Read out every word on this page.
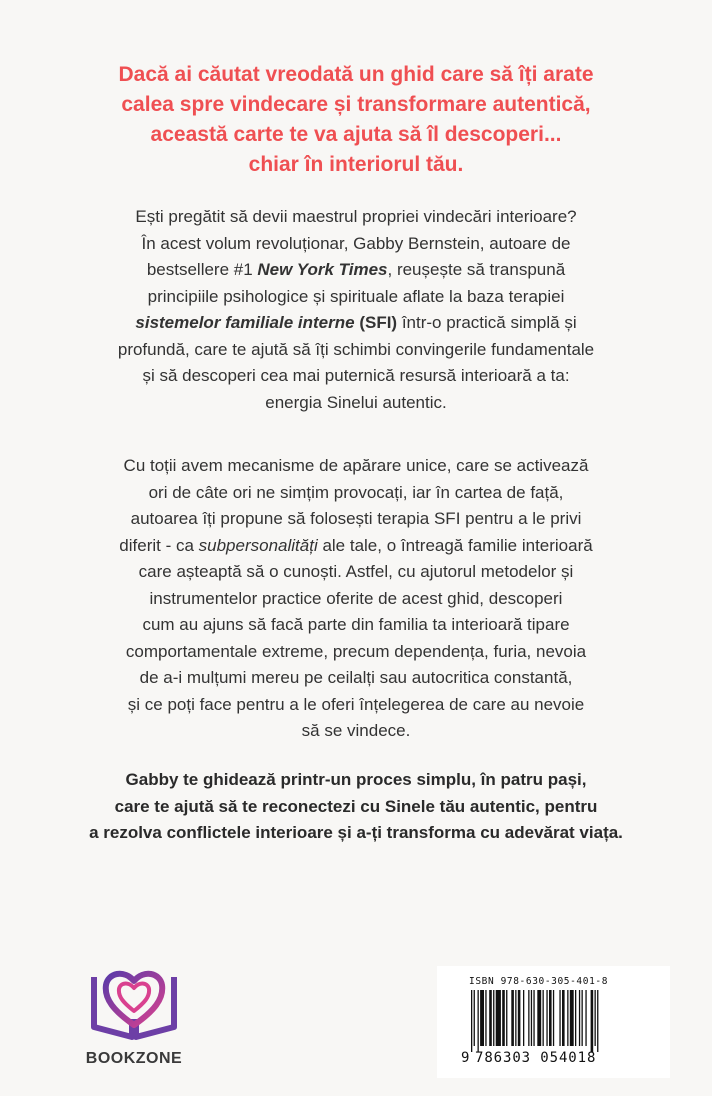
Dacă ai căutat vreodată un ghid care să îți arate
calea spre vindecare și transformare autentică,
această carte te va ajuta să îl descoperi...
chiar în interiorul tău.

Ești pregătit să devii maestrul propriei vindecări interioare?
În acest volum revoluționar, Gabby Bernstein, autoare de
bestsellere #1 New York Times, reușește să transpună
principiile psihologice și spirituale aflate la baza terapiei
sistemelor familiale interne (SFI) într-o practică simplă și
profundă, care te ajută să îți schimbi convingerile fundamentale
și să descoperi cea mai puternică resursă interioară a ta:
energia Sinelui autentic.

Cu toții avem mecanisme de apărare unice, care se activează
ori de câte ori ne simțim provocați, iar în cartea de față,
autoarea îți propune să folosești terapia SFI pentru a le privi
diferit - ca subpersonalități ale tale, o întreagă familie interioară
care așteaptă să o cunoști. Astfel, cu ajutorul metodelor și
instrumentelor practice oferite de acest ghid, descoperi
cum au ajuns să facă parte din familia ta interioară tipare
comportamentale extreme, precum dependența, furia, nevoia
de a-i mulțumi mereu pe ceilalți sau autocritica constantă,
și ce poți face pentru a le oferi înțelegerea de care au nevoie
să se vindece.

Gabby te ghidează printr-un proces simplu, în patru pași,
care te ajută să te reconectezi cu Sinele tău autentic, pentru
a rezolva conflictele interioare și a-ți transforma cu adevărat viața.

BOOKZONE
ISBN 978-630-305-401-8
9 786303 054018
